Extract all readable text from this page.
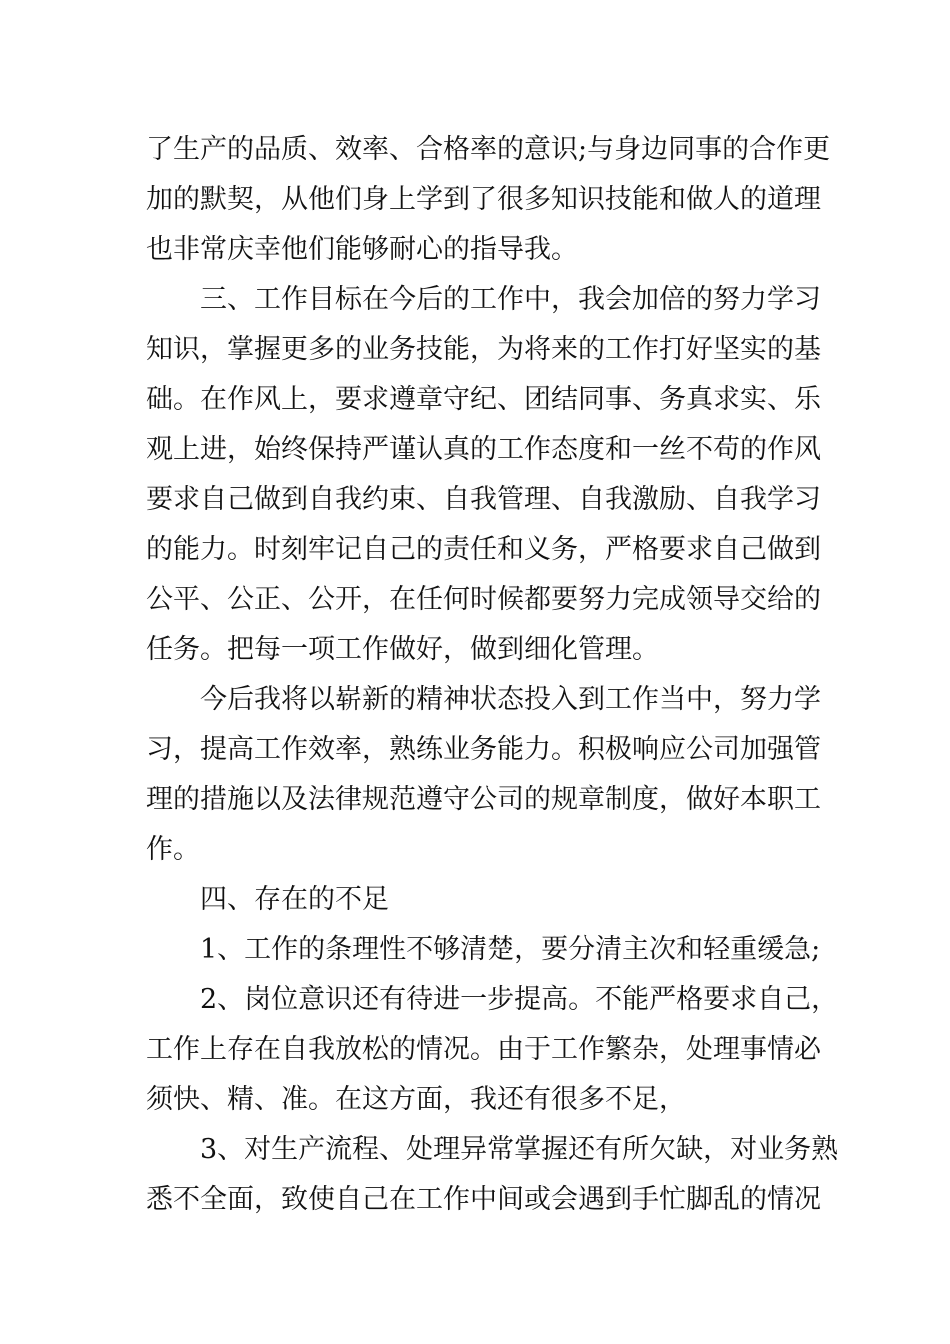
了生产的品质、效率、合格率的意识;与身边同事的合作更
加的默契，从他们身上学到了很多知识技能和做人的道理
也非常庆幸他们能够耐心的指导我。
三、工作目标在今后的工作中，我会加倍的努力学习
知识，掌握更多的业务技能，为将来的工作打好坚实的基
础。在作风上，要求遵章守纪、团结同事、务真求实、乐
观上进，始终保持严谨认真的工作态度和一丝不苟的作风
要求自己做到自我约束、自我管理、自我激励、自我学习
的能力。时刻牢记自己的责任和义务，严格要求自己做到
公平、公正、公开，在任何时候都要努力完成领导交给的
任务。把每一项工作做好，做到细化管理。
今后我将以崭新的精神状态投入到工作当中，努力学
习，提高工作效率，熟练业务能力。积极响应公司加强管
理的措施以及法律规范遵守公司的规章制度，做好本职工
作。
四、存在的不足
1、工作的条理性不够清楚，要分清主次和轻重缓急;
2、岗位意识还有待进一步提高。不能严格要求自己，
工作上存在自我放松的情况。由于工作繁杂，处理事情必
须快、精、准。在这方面，我还有很多不足，
3、对生产流程、处理异常掌握还有所欠缺，对业务熟
悉不全面，致使自己在工作中间或会遇到手忙脚乱的情况
